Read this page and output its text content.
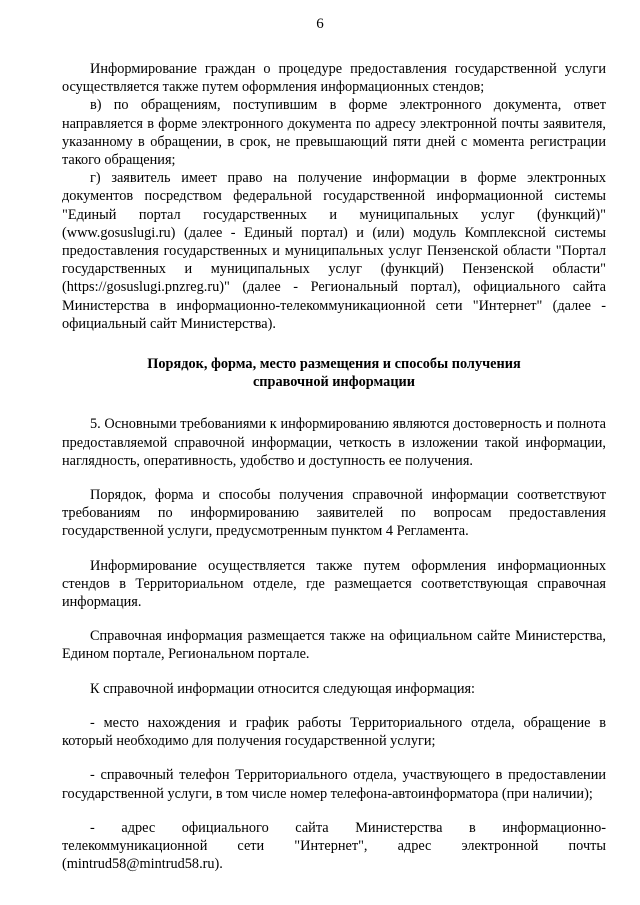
6

Информирование граждан о процедуре предоставления государственной услуги осуществляется также путем оформления информационных стендов;

в) по обращениям, поступившим в форме электронного документа, ответ направляется в форме электронного документа по адресу электронной почты заявителя, указанному в обращении, в срок, не превышающий пяти дней с момента регистрации такого обращения;

г) заявитель имеет право на получение информации в форме электронных документов посредством федеральной государственной информационной системы "Единый портал государственных и муниципальных услуг (функций)" (www.gosuslugi.ru) (далее - Единый портал) и (или) модуль Комплексной системы предоставления государственных и муниципальных услуг Пензенской области "Портал государственных и муниципальных услуг (функций) Пензенской области" (https://gosuslugi.pnzreg.ru)" (далее - Региональный портал), официального сайта Министерства в информационно-телекоммуникационной сети "Интернет" (далее - официальный сайт Министерства).

Порядок, форма, место размещения и способы получения
справочной информации

5. Основными требованиями к информированию являются достоверность и полнота предоставляемой справочной информации, четкость в изложении такой информации, наглядность, оперативность, удобство и доступность ее получения.

Порядок, форма и способы получения справочной информации соответствуют требованиям по информированию заявителей по вопросам предоставления государственной услуги, предусмотренным пунктом 4 Регламента.

Информирование осуществляется также путем оформления информационных стендов в Территориальном отделе, где размещается соответствующая справочная информация.

Справочная информация размещается также на официальном сайте Министерства, Едином портале, Региональном портале.

К справочной информации относится следующая информация:

- место нахождения и график работы Территориального отдела, обращение в который необходимо для получения государственной услуги;

- справочный телефон Территориального отдела, участвующего в предоставлении государственной услуги, в том числе номер телефона-автоинформатора (при наличии);

- адрес официального сайта Министерства в информационно-телекоммуникационной сети "Интернет", адрес электронной почты (mintrud58@mintrud58.ru).
